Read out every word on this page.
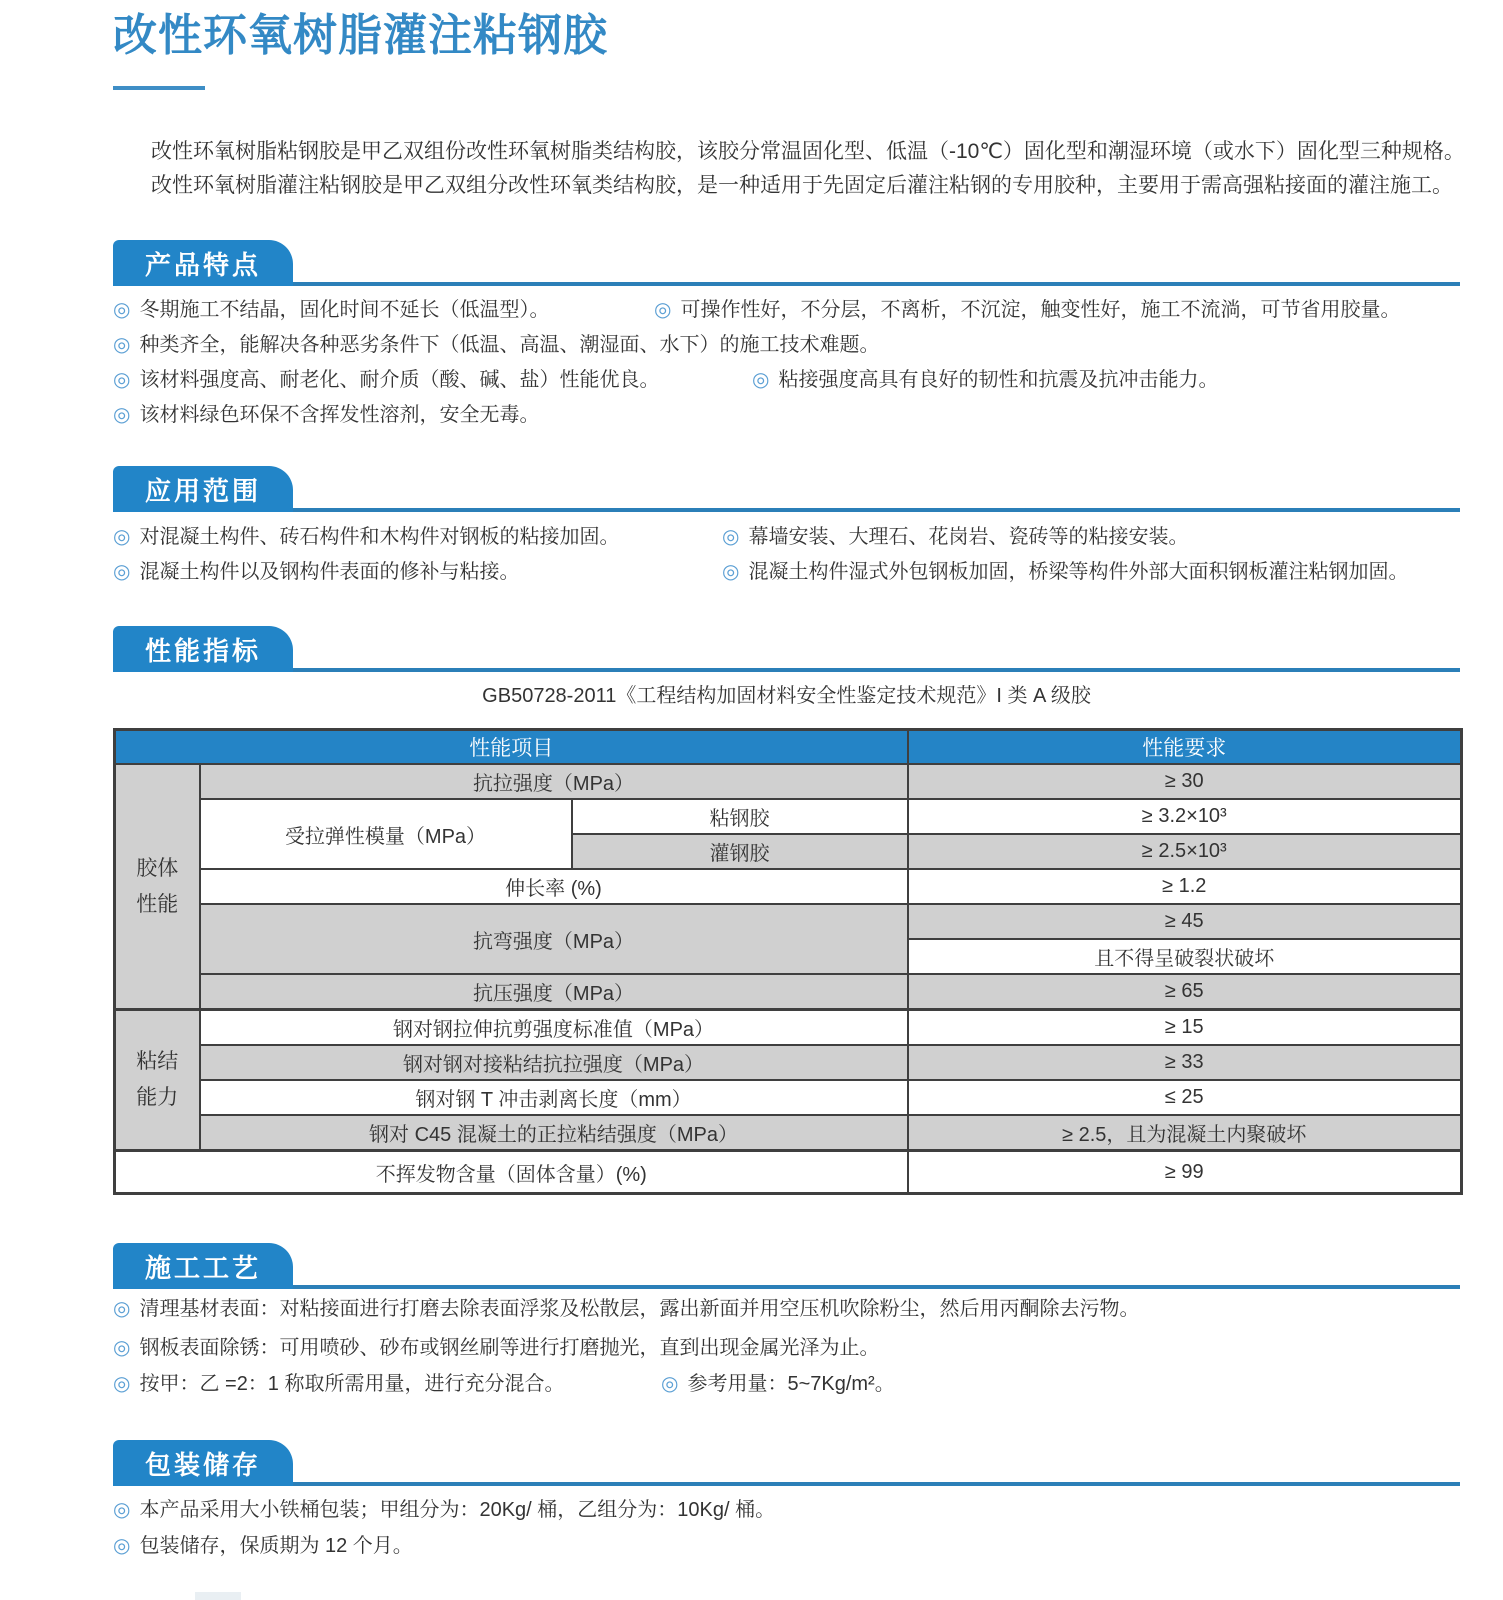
改性环氧树脂灌注粘钢胶
改性环氧树脂粘钢胶是甲乙双组份改性环氧树脂类结构胶，该胶分常温固化型、低温（-10℃）固化型和潮湿环境（或水下）固化型三种规格。
改性环氧树脂灌注粘钢胶是甲乙双组分改性环氧类结构胶，是一种适用于先固定后灌注粘钢的专用胶种，主要用于需高强粘接面的灌注施工。
产品特点
◎ 冬期施工不结晶，固化时间不延长（低温型）。	◎ 可操作性好，不分层，不离析，不沉淀，触变性好，施工不流淌，可节省用胶量。
◎ 种类齐全，能解决各种恶劣条件下（低温、高温、潮湿面、水下）的施工技术难题。
◎ 该材料强度高、耐老化、耐介质（酸、碱、盐）性能优良。	◎ 粘接强度高具有良好的韧性和抗震及抗冲击能力。
◎ 该材料绿色环保不含挥发性溶剂，安全无毒。
应用范围
◎ 对混凝土构件、砖石构件和木构件对钢板的粘接加固。	◎ 幕墙安装、大理石、花岗岩、瓷砖等的粘接安装。
◎ 混凝土构件以及钢构件表面的修补与粘接。	◎ 混凝土构件湿式外包钢板加固，桥梁等构件外部大面积钢板灌注粘钢加固。
性能指标
GB50728-2011《工程结构加固材料安全性鉴定技术规范》I 类 A 级胶
性能项目			性能要求
胶体性能	抗拉强度（MPa）		≥ 30
	受拉弹性模量（MPa）	粘钢胶	≥ 3.2×10³
		灌钢胶	≥ 2.5×10³
	伸长率 (%)		≥ 1.2
	抗弯强度（MPa）		≥ 45
			且不得呈破裂状破坏
	抗压强度（MPa）		≥ 65
粘结能力	钢对钢拉伸抗剪强度标准值（MPa）		≥ 15
	钢对钢对接粘结抗拉强度（MPa）		≥ 33
	钢对钢 T 冲击剥离长度（mm）		≤ 25
	钢对 C45 混凝土的正拉粘结强度（MPa）		≥ 2.5，且为混凝土内聚破坏
不挥发物含量（固体含量）(%)			≥ 99
施工工艺
◎ 清理基材表面：对粘接面进行打磨去除表面浮浆及松散层，露出新面并用空压机吹除粉尘，然后用丙酮除去污物。
◎ 钢板表面除锈：可用喷砂、砂布或钢丝刷等进行打磨抛光，直到出现金属光泽为止。
◎ 按甲：乙 =2：1 称取所需用量，进行充分混合。	◎ 参考用量：5~7Kg/m²。
包装储存
◎ 本产品采用大小铁桶包装；甲组分为：20Kg/ 桶，乙组分为：10Kg/ 桶。
◎ 包装储存，保质期为 12 个月。
